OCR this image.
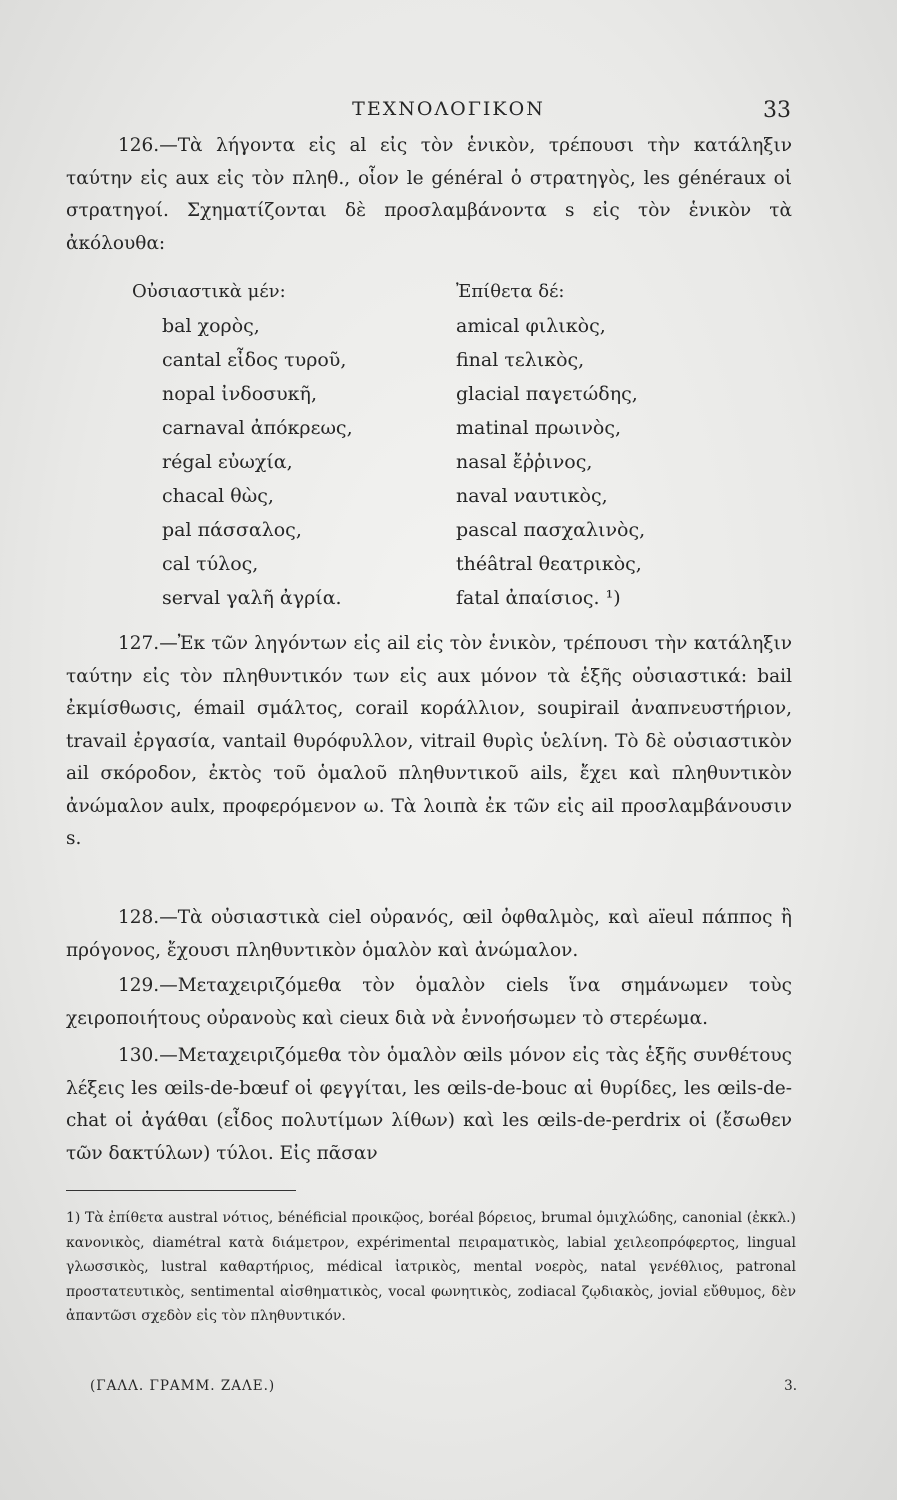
ΤΕΧΝΟΛΟΓΙΚΟΝ	33

126.—Τὰ λήγοντα εἰς al εἰς τὸν ἑνικὸν, τρέπουσι τὴν κατάληξιν ταύτην εἰς aux εἰς τὸν πληθ., οἷον le général ὁ στρατηγὸς, les généraux οἱ στρατηγοί. Σχηματίζονται δὲ προσλαμβάνοντα s εἰς τὸν ἑνικὸν τὰ ἀκόλουθα:

Οὐσιαστικὰ μέν:
bal χορὸς,
cantal εἶδος τυροῦ,
nopal ἰνδοσυκῆ,
carnaval ἀπόκρεως,
régal εὐωχία,
chacal θὼς,
pal πάσσαλος,
cal τύλος,
serval γαλῆ ἀγρία.
Ἐπίθετα δέ:
amical φιλικὸς,
final τελικὸς,
glacial παγετώδης,
matinal πρωινὸς,
nasal ἔῤῥινος,
naval ναυτικὸς,
pascal πασχαλινὸς,
théâtral θεατρικὸς,
fatal ἀπαίσιος. ¹)

127.—Ἐκ τῶν ληγόντων εἰς ail εἰς τὸν ἑνικὸν, τρέπουσι τὴν κατάληξιν ταύτην εἰς τὸν πληθυντικόν των εἰς aux μόνον τὰ ἑξῆς οὐσιαστικά: bail ἐκμίσθωσις, émail σμάλτος, corail κοράλλιον, soupirail ἀναπνευστήριον, travail ἐργασία, vantail θυρόφυλλον, vitrail θυρὶς ὑελίνη. Τὸ δὲ οὐσιαστικὸν ail σκόροδον, ἐκτὸς τοῦ ὁμαλοῦ πληθυντικοῦ ails, ἔχει καὶ πληθυντικὸν ἀνώμαλον aulx, προφερόμενον ω. Τὰ λοιπὰ ἐκ τῶν εἰς ail προσλαμβάνουσιν s.

128.—Τὰ οὐσιαστικὰ ciel οὐρανός, œil ὀφθαλμὸς, καὶ aïeul πάππος ἢ πρόγονος, ἔχουσι πληθυντικὸν ὁμαλὸν καὶ ἀνώμαλον.

129.—Μεταχειριζόμεθα τὸν ὁμαλὸν ciels ἵνα σημάνωμεν τοὺς χειροποιήτους οὐρανοὺς καὶ cieux διὰ νὰ ἐννοήσωμεν τὸ στερέωμα.

130.—Μεταχειριζόμεθα τὸν ὁμαλὸν œils μόνον εἰς τὰς ἑξῆς συνθέτους λέξεις les œils-de-bœuf οἱ φεγγίται, les œils-de-bouc αἱ θυρίδες, les œils-de-chat οἱ ἀγάθαι (εἶδος πολυτίμων λίθων) καὶ les œils-de-perdrix οἱ (ἔσωθεν τῶν δακτύλων) τύλοι. Εἰς πᾶσαν

1) Τὰ ἐπίθετα austral νότιος, bénéficial προικῷος, boréal βόρειος, brumal ὁμιχλώδης, canonial (ἐκκλ.) κανονικὸς, diamétral κατὰ διάμετρον, expérimental πειραματικὸς, labial χειλεοπρόφερτος, lingual γλωσσικὸς, lustral καθαρτήριος, médical ἰατρικὸς, mental νοερὸς, natal γενέθλιος, patronal προστατευτικὸς, sentimental αἰσθηματικὸς, vocal φωνητικὸς, zodiacal ζῳδιακὸς, jovial εὔθυμος, δὲν ἀπαντῶσι σχεδὸν εἰς τὸν πληθυντικόν.

(ΓΑΛΛ. ΓΡΑΜΜ. ΖΑΛΕ.)	3.
